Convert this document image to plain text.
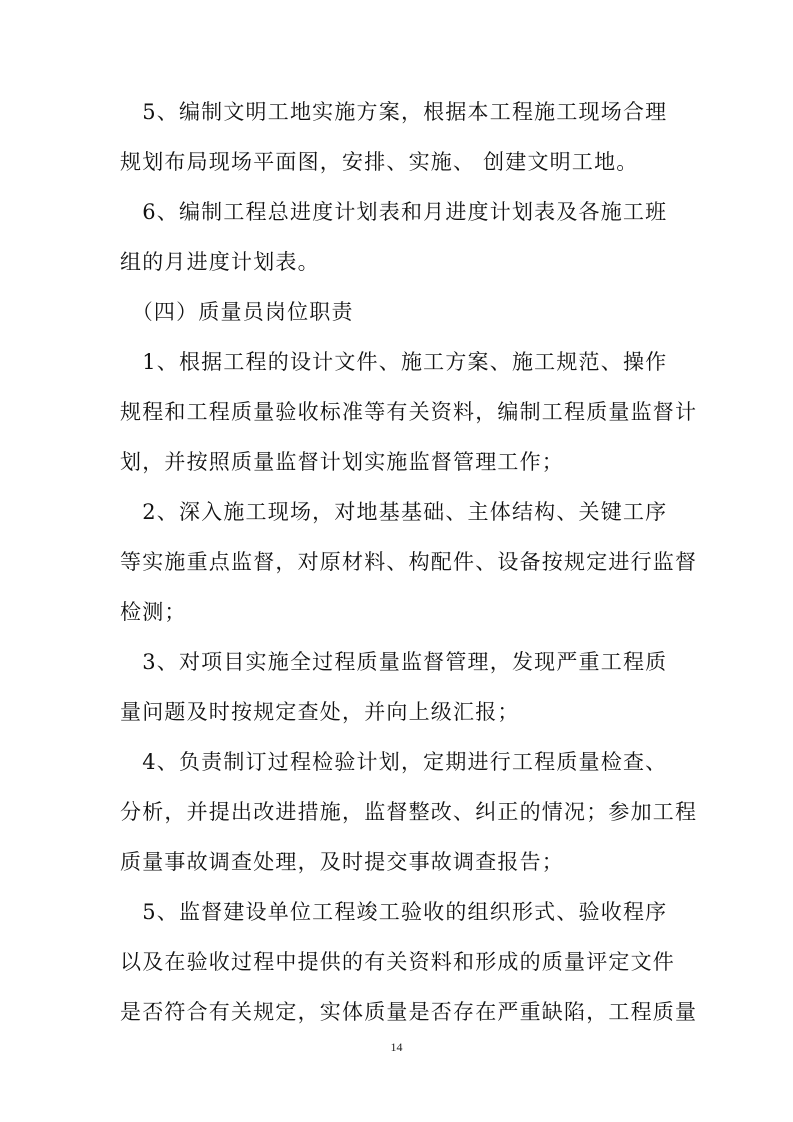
　5、编制文明工地实施方案，根据本工程施工现场合理
规划布局现场平面图，安排、实施、 创建文明工地。
　6、编制工程总进度计划表和月进度计划表及各施工班
组的月进度计划表。
　（四）质量员岗位职责
　1、根据工程的设计文件、施工方案、施工规范、操作
规程和工程质量验收标准等有关资料，编制工程质量监督计
划，并按照质量监督计划实施监督管理工作；
　2、深入施工现场，对地基基础、主体结构、关键工序
等实施重点监督，对原材料、构配件、设备按规定进行监督
检测；
　3、对项目实施全过程质量监督管理，发现严重工程质
量问题及时按规定查处，并向上级汇报；
　4、负责制订过程检验计划，定期进行工程质量检查、
分析，并提出改进措施，监督整改、纠正的情况；参加工程
质量事故调查处理，及时提交事故调查报告；
　5、监督建设单位工程竣工验收的组织形式、验收程序
以及在验收过程中提供的有关资料和形成的质量评定文件
是否符合有关规定，实体质量是否存在严重缺陷，工程质量
14
